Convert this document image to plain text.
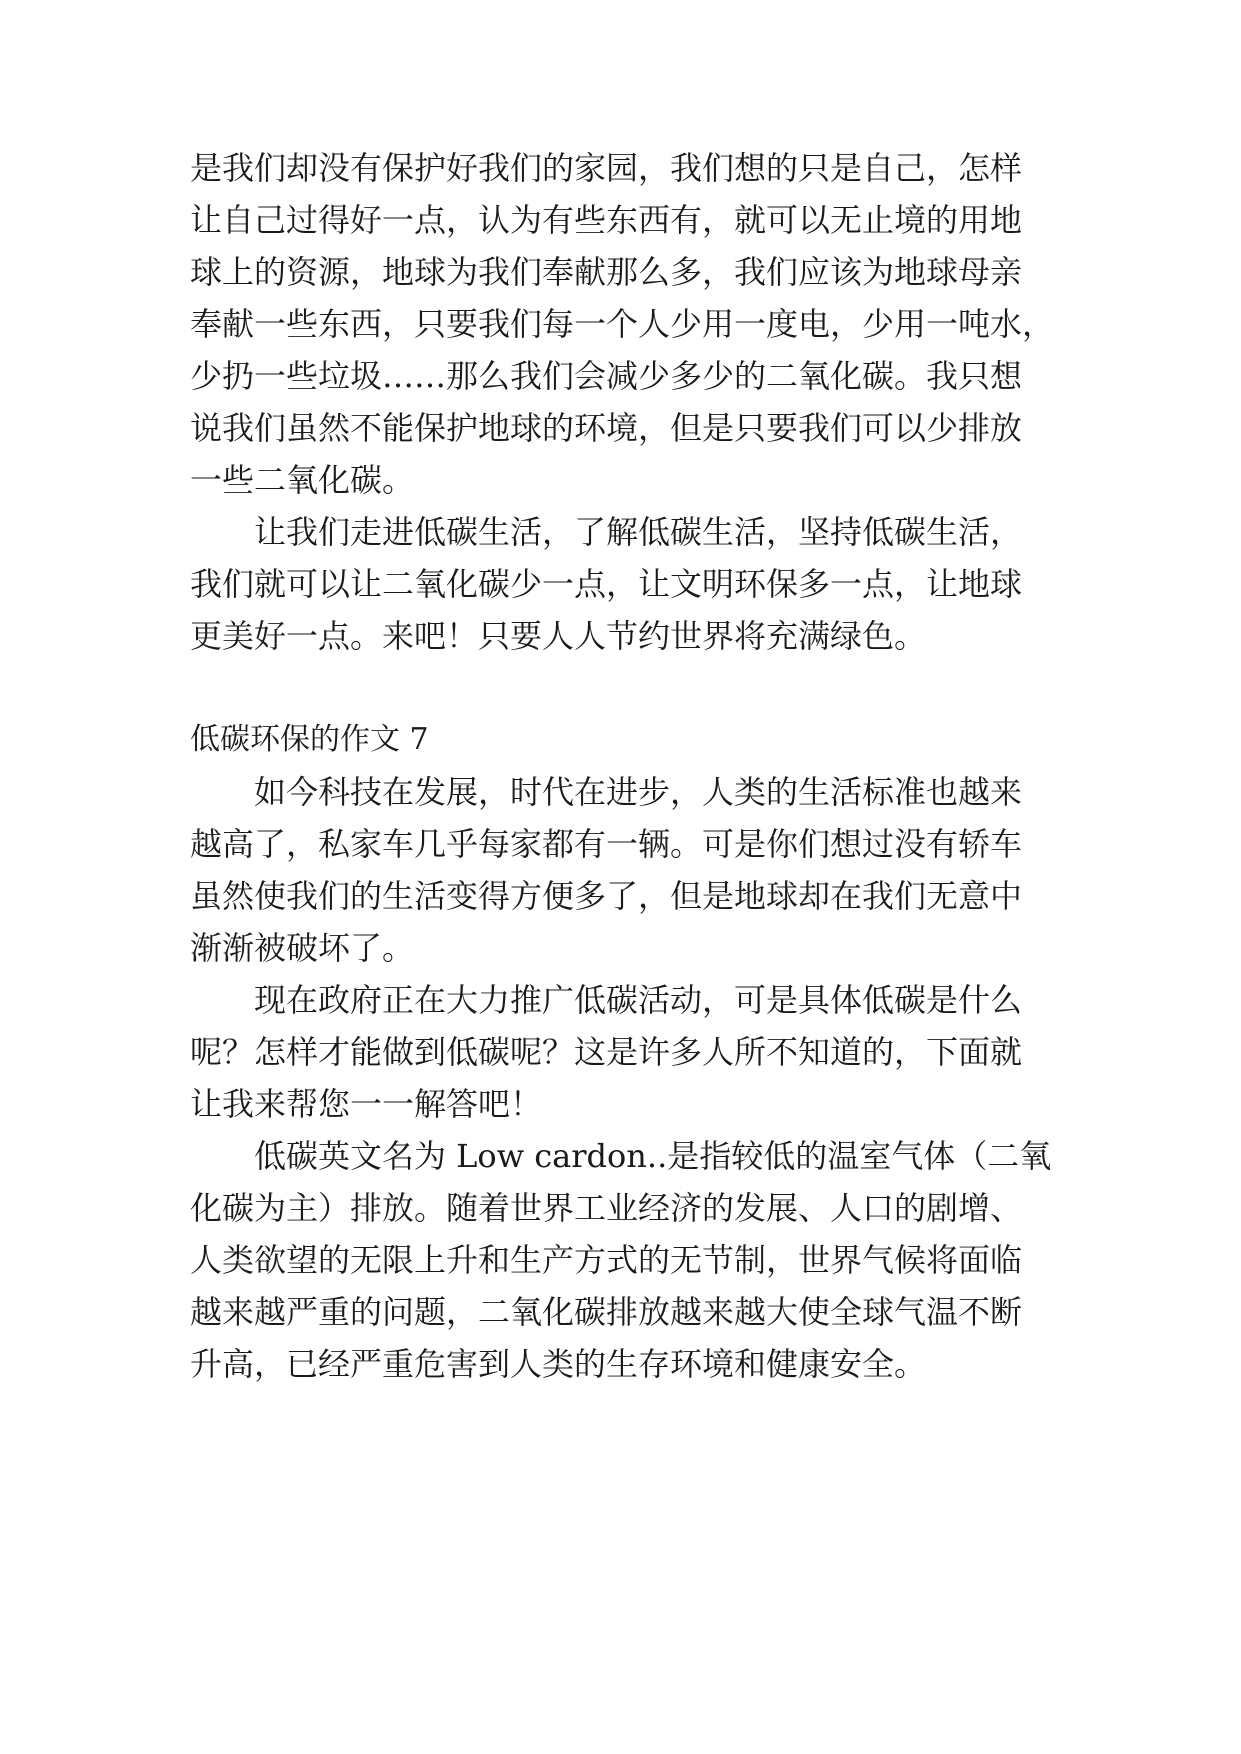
是我们却没有保护好我们的家园，我们想的只是自己，怎样

让自己过得好一点，认为有些东西有，就可以无止境的用地

球上的资源，地球为我们奉献那么多，我们应该为地球母亲

奉献一些东西，只要我们每一个人少用一度电，少用一吨水，

少扔一些垃圾……那么我们会减少多少的二氧化碳。我只想

说我们虽然不能保护地球的环境，但是只要我们可以少排放

一些二氧化碳。

让我们走进低碳生活，了解低碳生活，坚持低碳生活，

我们就可以让二氧化碳少一点，让文明环保多一点，让地球

更美好一点。来吧！只要人人节约世界将充满绿色。

低碳环保的作文 7

如今科技在发展，时代在进步，人类的生活标准也越来

越高了，私家车几乎每家都有一辆。可是你们想过没有轿车

虽然使我们的生活变得方便多了，但是地球却在我们无意中

渐渐被破坏了。

现在政府正在大力推广低碳活动，可是具体低碳是什么

呢？怎样才能做到低碳呢？这是许多人所不知道的，下面就

让我来帮您一一解答吧！

低碳英文名为 Low cardon..是指较低的温室气体（二氧

化碳为主）排放。随着世界工业经济的发展、人口的剧增、

人类欲望的无限上升和生产方式的无节制，世界气候将面临

越来越严重的问题，二氧化碳排放越来越大使全球气温不断

升高，已经严重危害到人类的生存环境和健康安全。
